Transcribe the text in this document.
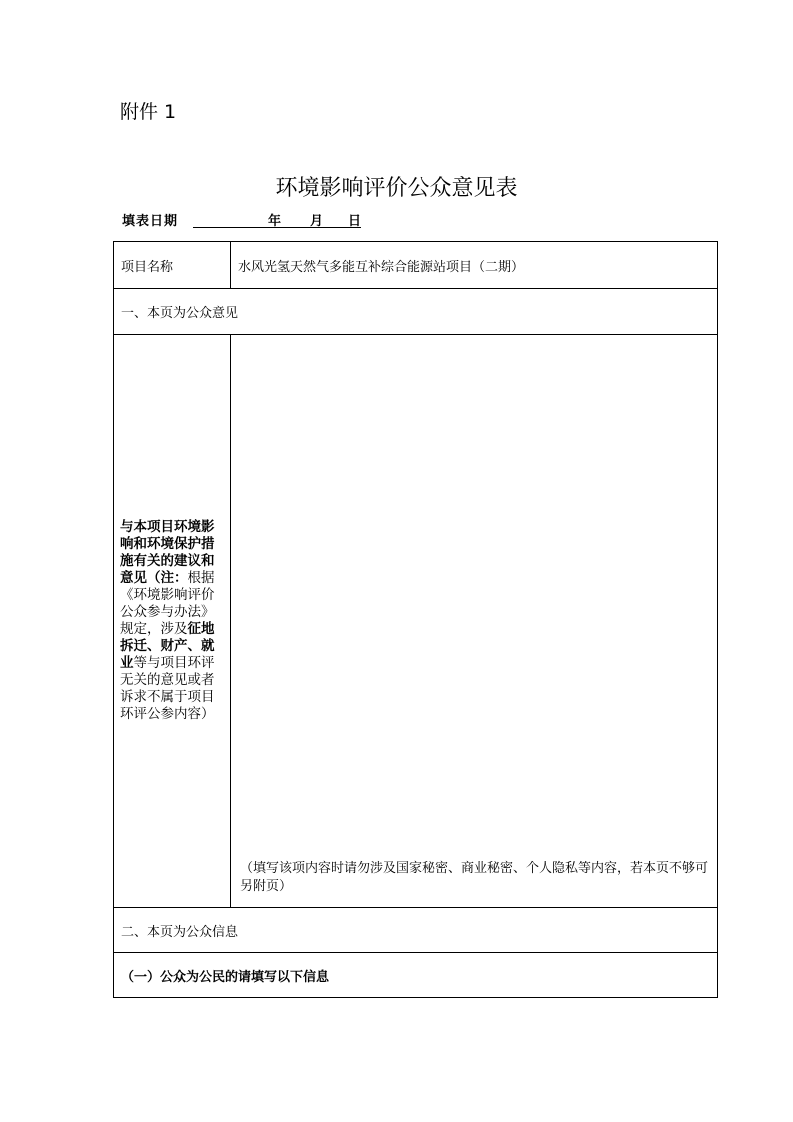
附件 1
环境影响评价公众意见表
填表日期	年 月 日
项目名称	水风光氢天然气多能互补综合能源站项目（二期）
一、本页为公众意见	
与本项目环境影响和环境保护措施有关的建议和意见（注：根据《环境影响评价公众参与办法》规定，涉及征地拆迁、财产、就业等与项目环评无关的意见或者诉求不属于项目环评公参内容）	（填写该项内容时请勿涉及国家秘密、商业秘密、个人隐私等内容，若本页不够可另附页）

二、本页为公众信息	
（一）公众为公民的请填写以下信息	
